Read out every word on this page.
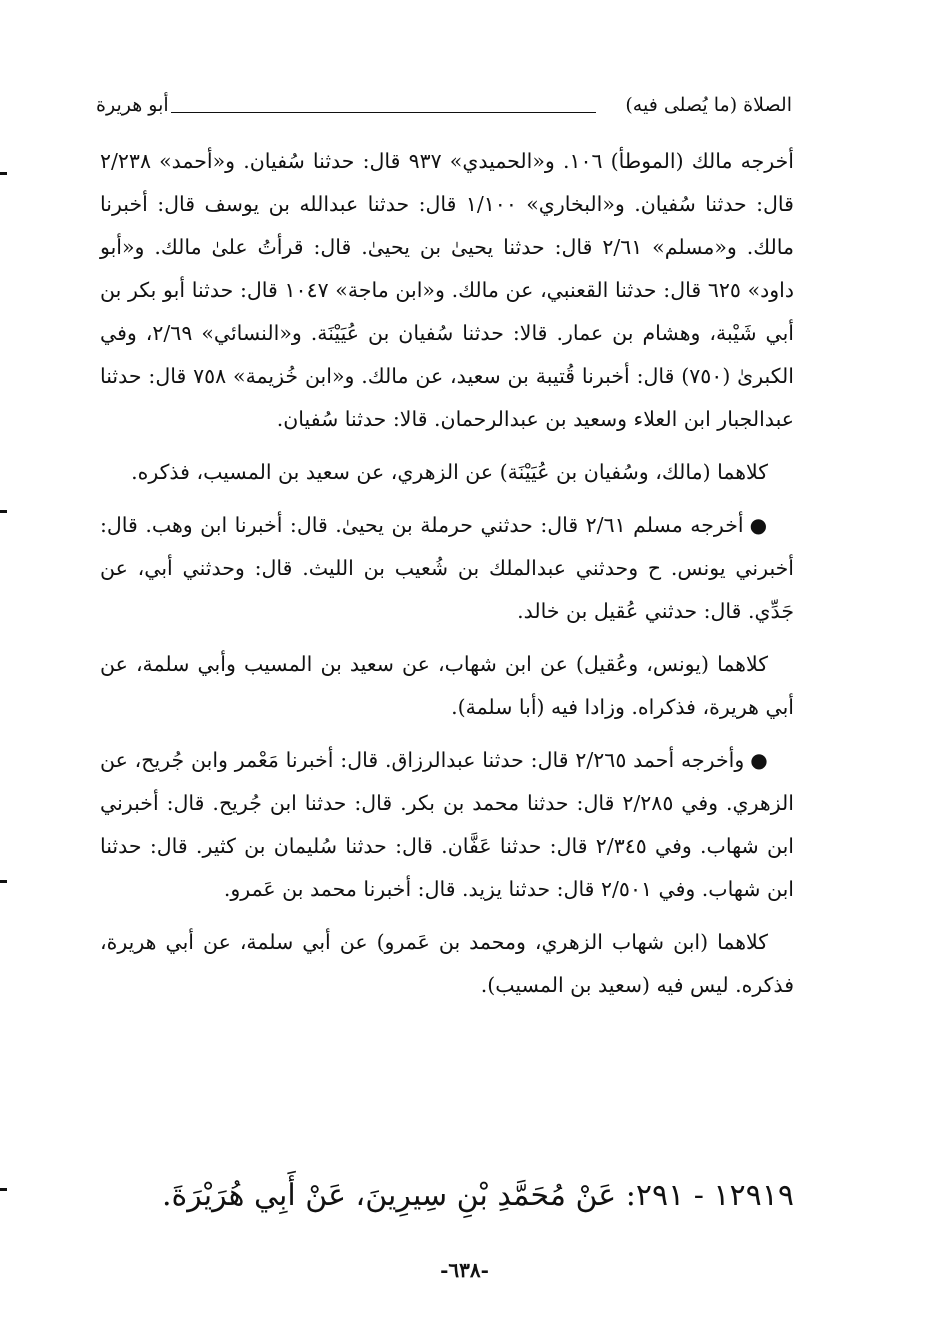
الصلاة (ما يُصلى فيه)
أبو هريرة

أخرجه مالك (الموطأ) ١٠٦. و«الحميدي» ٩٣٧ قال: حدثنا سُفيان. و«أحمد» ٢/٢٣٨ قال: حدثنا سُفيان. و«البخاري» ١/١٠٠ قال: حدثنا عبدالله بن يوسف قال: أخبرنا مالك. و«مسلم» ٢/٦١ قال: حدثنا يحيىٰ بن يحيىٰ. قال: قرأتُ علىٰ مالك. و«أبو داود» ٦٢٥ قال: حدثنا القعنبي، عن مالك. و«ابن ماجة» ١٠٤٧ قال: حدثنا أبو بكر بن أبي شَيْبة، وهشام بن عمار. قالا: حدثنا سُفيان بن عُيَيْنَة. و«النسائي» ٢/٦٩، وفي الكبرىٰ (٧٥٠) قال: أخبرنا قُتيبة بن سعيد، عن مالك. و«ابن خُزيمة» ٧٥٨ قال: حدثنا عبدالجبار ابن العلاء وسعيد بن عبدالرحمان. قالا: حدثنا سُفيان.

كلاهما (مالك، وسُفيان بن عُيَيْنَة) عن الزهري، عن سعيد بن المسيب، فذكره.

●أخرجه مسلم ٢/٦١ قال: حدثني حرملة بن يحيىٰ. قال: أخبرنا ابن وهب. قال: أخبرني يونس. ح وحدثني عبدالملك بن شُعيب بن الليث. قال: وحدثني أبي، عن جَدِّي. قال: حدثني عُقيل بن خالد.

كلاهما (يونس، وعُقيل) عن ابن شهاب، عن سعيد بن المسيب وأبي سلمة، عن أبي هريرة، فذكراه. وزادا فيه (أبا سلمة).

●وأخرجه أحمد ٢/٢٦٥ قال: حدثنا عبدالرزاق. قال: أخبرنا مَعْمر وابن جُريح، عن الزهري. وفي ٢/٢٨٥ قال: حدثنا محمد بن بكر. قال: حدثنا ابن جُريح. قال: أخبرني ابن شهاب. وفي ٢/٣٤٥ قال: حدثنا عَفَّان. قال: حدثنا سُليمان بن كثير. قال: حدثنا ابن شهاب. وفي ٢/٥٠١ قال: حدثنا يزيد. قال: أخبرنا محمد بن عَمرو.

كلاهما (ابن شهاب الزهري، ومحمد بن عَمرو) عن أبي سلمة، عن أبي هريرة، فذكره. ليس فيه (سعيد بن المسيب).

١٢٩١٩ - ٢٩١: عَنْ مُحَمَّدِ بْنِ سِيرِينَ، عَنْ أَبِي هُرَيْرَةَ.
-٦٣٨-
